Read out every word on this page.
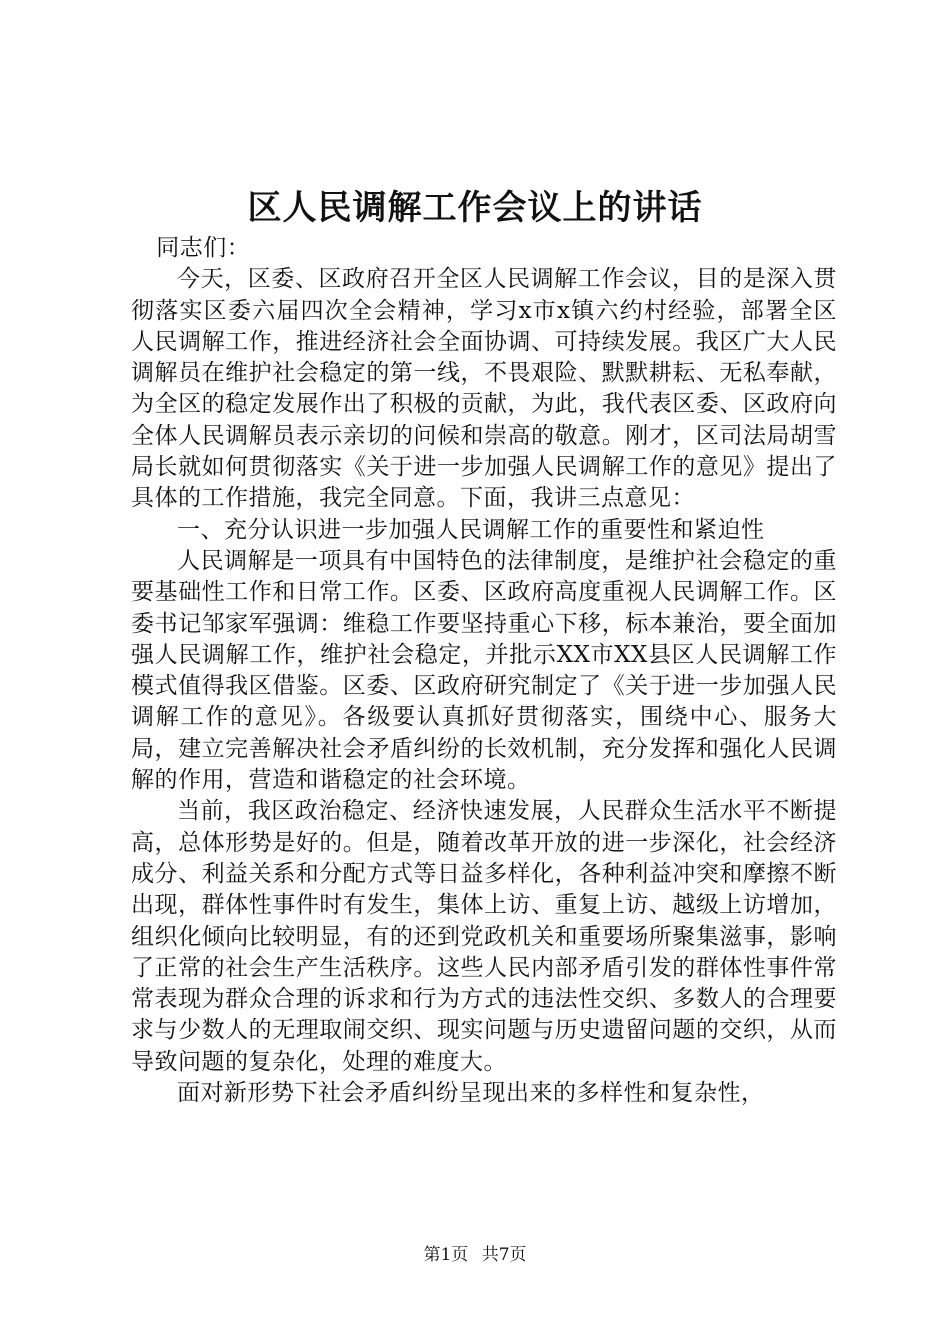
区人民调解工作会议上的讲话

同志们：

今天，区委、区政府召开全区人民调解工作会议，目的是深入贯彻落实区委六届四次全会精神，学习x市x镇六约村经验，部署全区人民调解工作，推进经济社会全面协调、可持续发展。我区广大人民调解员在维护社会稳定的第一线，不畏艰险、默默耕耘、无私奉献，为全区的稳定发展作出了积极的贡献，为此，我代表区委、区政府向全体人民调解员表示亲切的问候和崇高的敬意。刚才，区司法局胡雪局长就如何贯彻落实《关于进一步加强人民调解工作的意见》提出了具体的工作措施，我完全同意。下面，我讲三点意见：

一、充分认识进一步加强人民调解工作的重要性和紧迫性

人民调解是一项具有中国特色的法律制度，是维护社会稳定的重要基础性工作和日常工作。区委、区政府高度重视人民调解工作。区委书记邹家军强调：维稳工作要坚持重心下移，标本兼治，要全面加强人民调解工作，维护社会稳定，并批示XX市XX县区人民调解工作模式值得我区借鉴。区委、区政府研究制定了《关于进一步加强人民调解工作的意见》。各级要认真抓好贯彻落实，围绕中心、服务大局，建立完善解决社会矛盾纠纷的长效机制，充分发挥和强化人民调解的作用，营造和谐稳定的社会环境。

当前，我区政治稳定、经济快速发展，人民群众生活水平不断提高，总体形势是好的。但是，随着改革开放的进一步深化，社会经济成分、利益关系和分配方式等日益多样化，各种利益冲突和摩擦不断出现，群体性事件时有发生，集体上访、重复上访、越级上访增加，组织化倾向比较明显，有的还到党政机关和重要场所聚集滋事，影响了正常的社会生产生活秩序。这些人民内部矛盾引发的群体性事件常常表现为群众合理的诉求和行为方式的违法性交织、多数人的合理要求与少数人的无理取闹交织、现实问题与历史遗留问题的交织，从而导致问题的复杂化，处理的难度大。

面对新形势下社会矛盾纠纷呈现出来的多样性和复杂性，

第1页 共7页
